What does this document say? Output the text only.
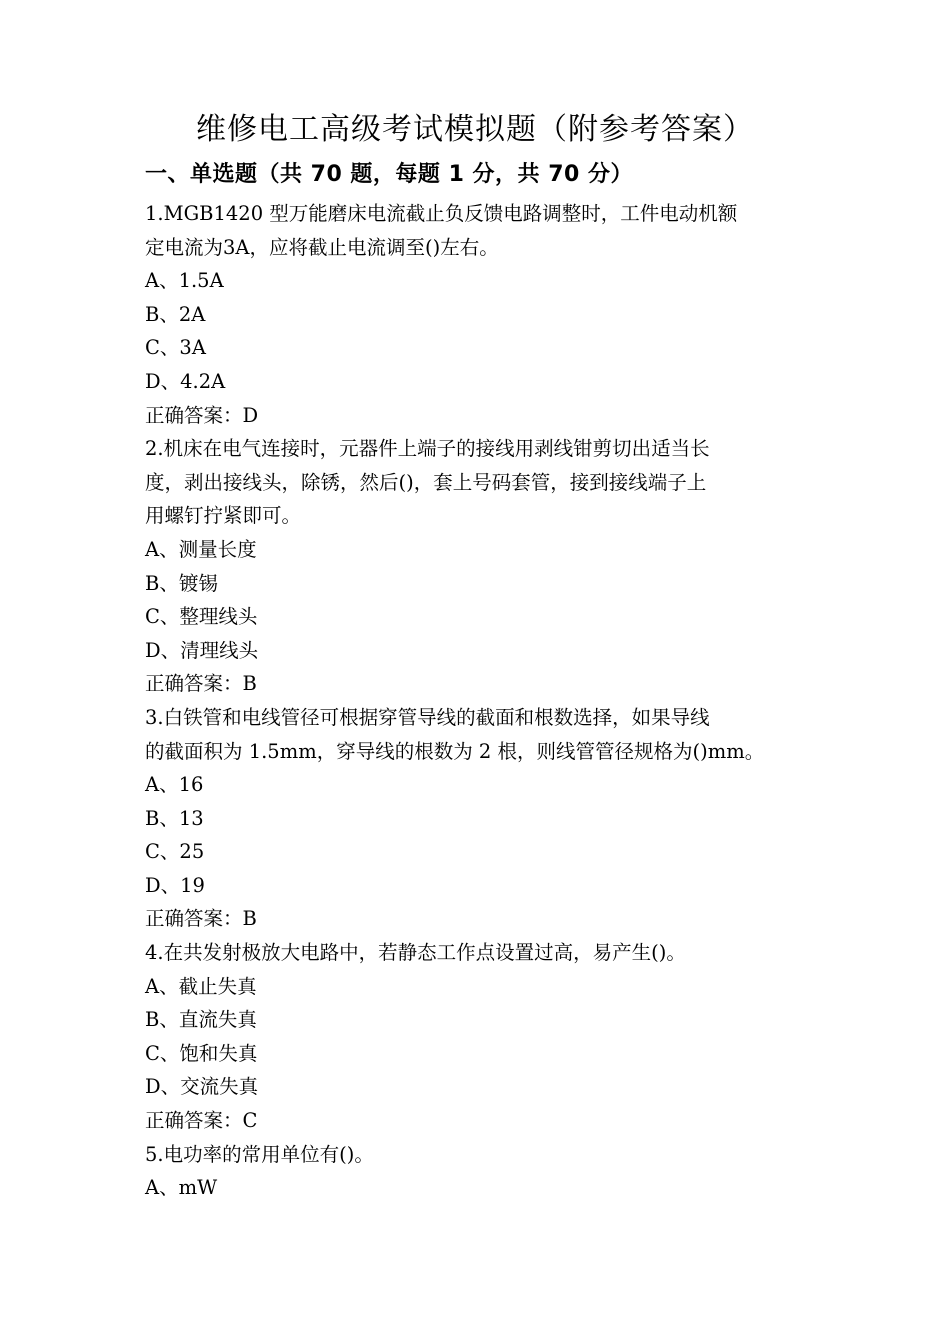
维修电工高级考试模拟题（附参考答案）
一、单选题（共 70 题，每题 1 分，共 70 分）
1.MGB1420 型万能磨床电流截止负反馈电路调整时，工件电动机额
定电流为3A，应将截止电流调至()左右。
A、1.5A
B、2A
C、3A
D、4.2A
正确答案：D
2.机床在电气连接时，元器件上端子的接线用剥线钳剪切出适当长
度，剥出接线头，除锈，然后()，套上号码套管，接到接线端子上
用螺钉拧紧即可。
A、测量长度
B、镀锡
C、整理线头
D、清理线头
正确答案：B
3.白铁管和电线管径可根据穿管导线的截面和根数选择，如果导线
的截面积为 1.5mm，穿导线的根数为 2 根，则线管管径规格为()mm。
A、16
B、13
C、25
D、19
正确答案：B
4.在共发射极放大电路中，若静态工作点设置过高，易产生()。
A、截止失真
B、直流失真
C、饱和失真
D、交流失真
正确答案：C
5.电功率的常用单位有()。
A、mW
